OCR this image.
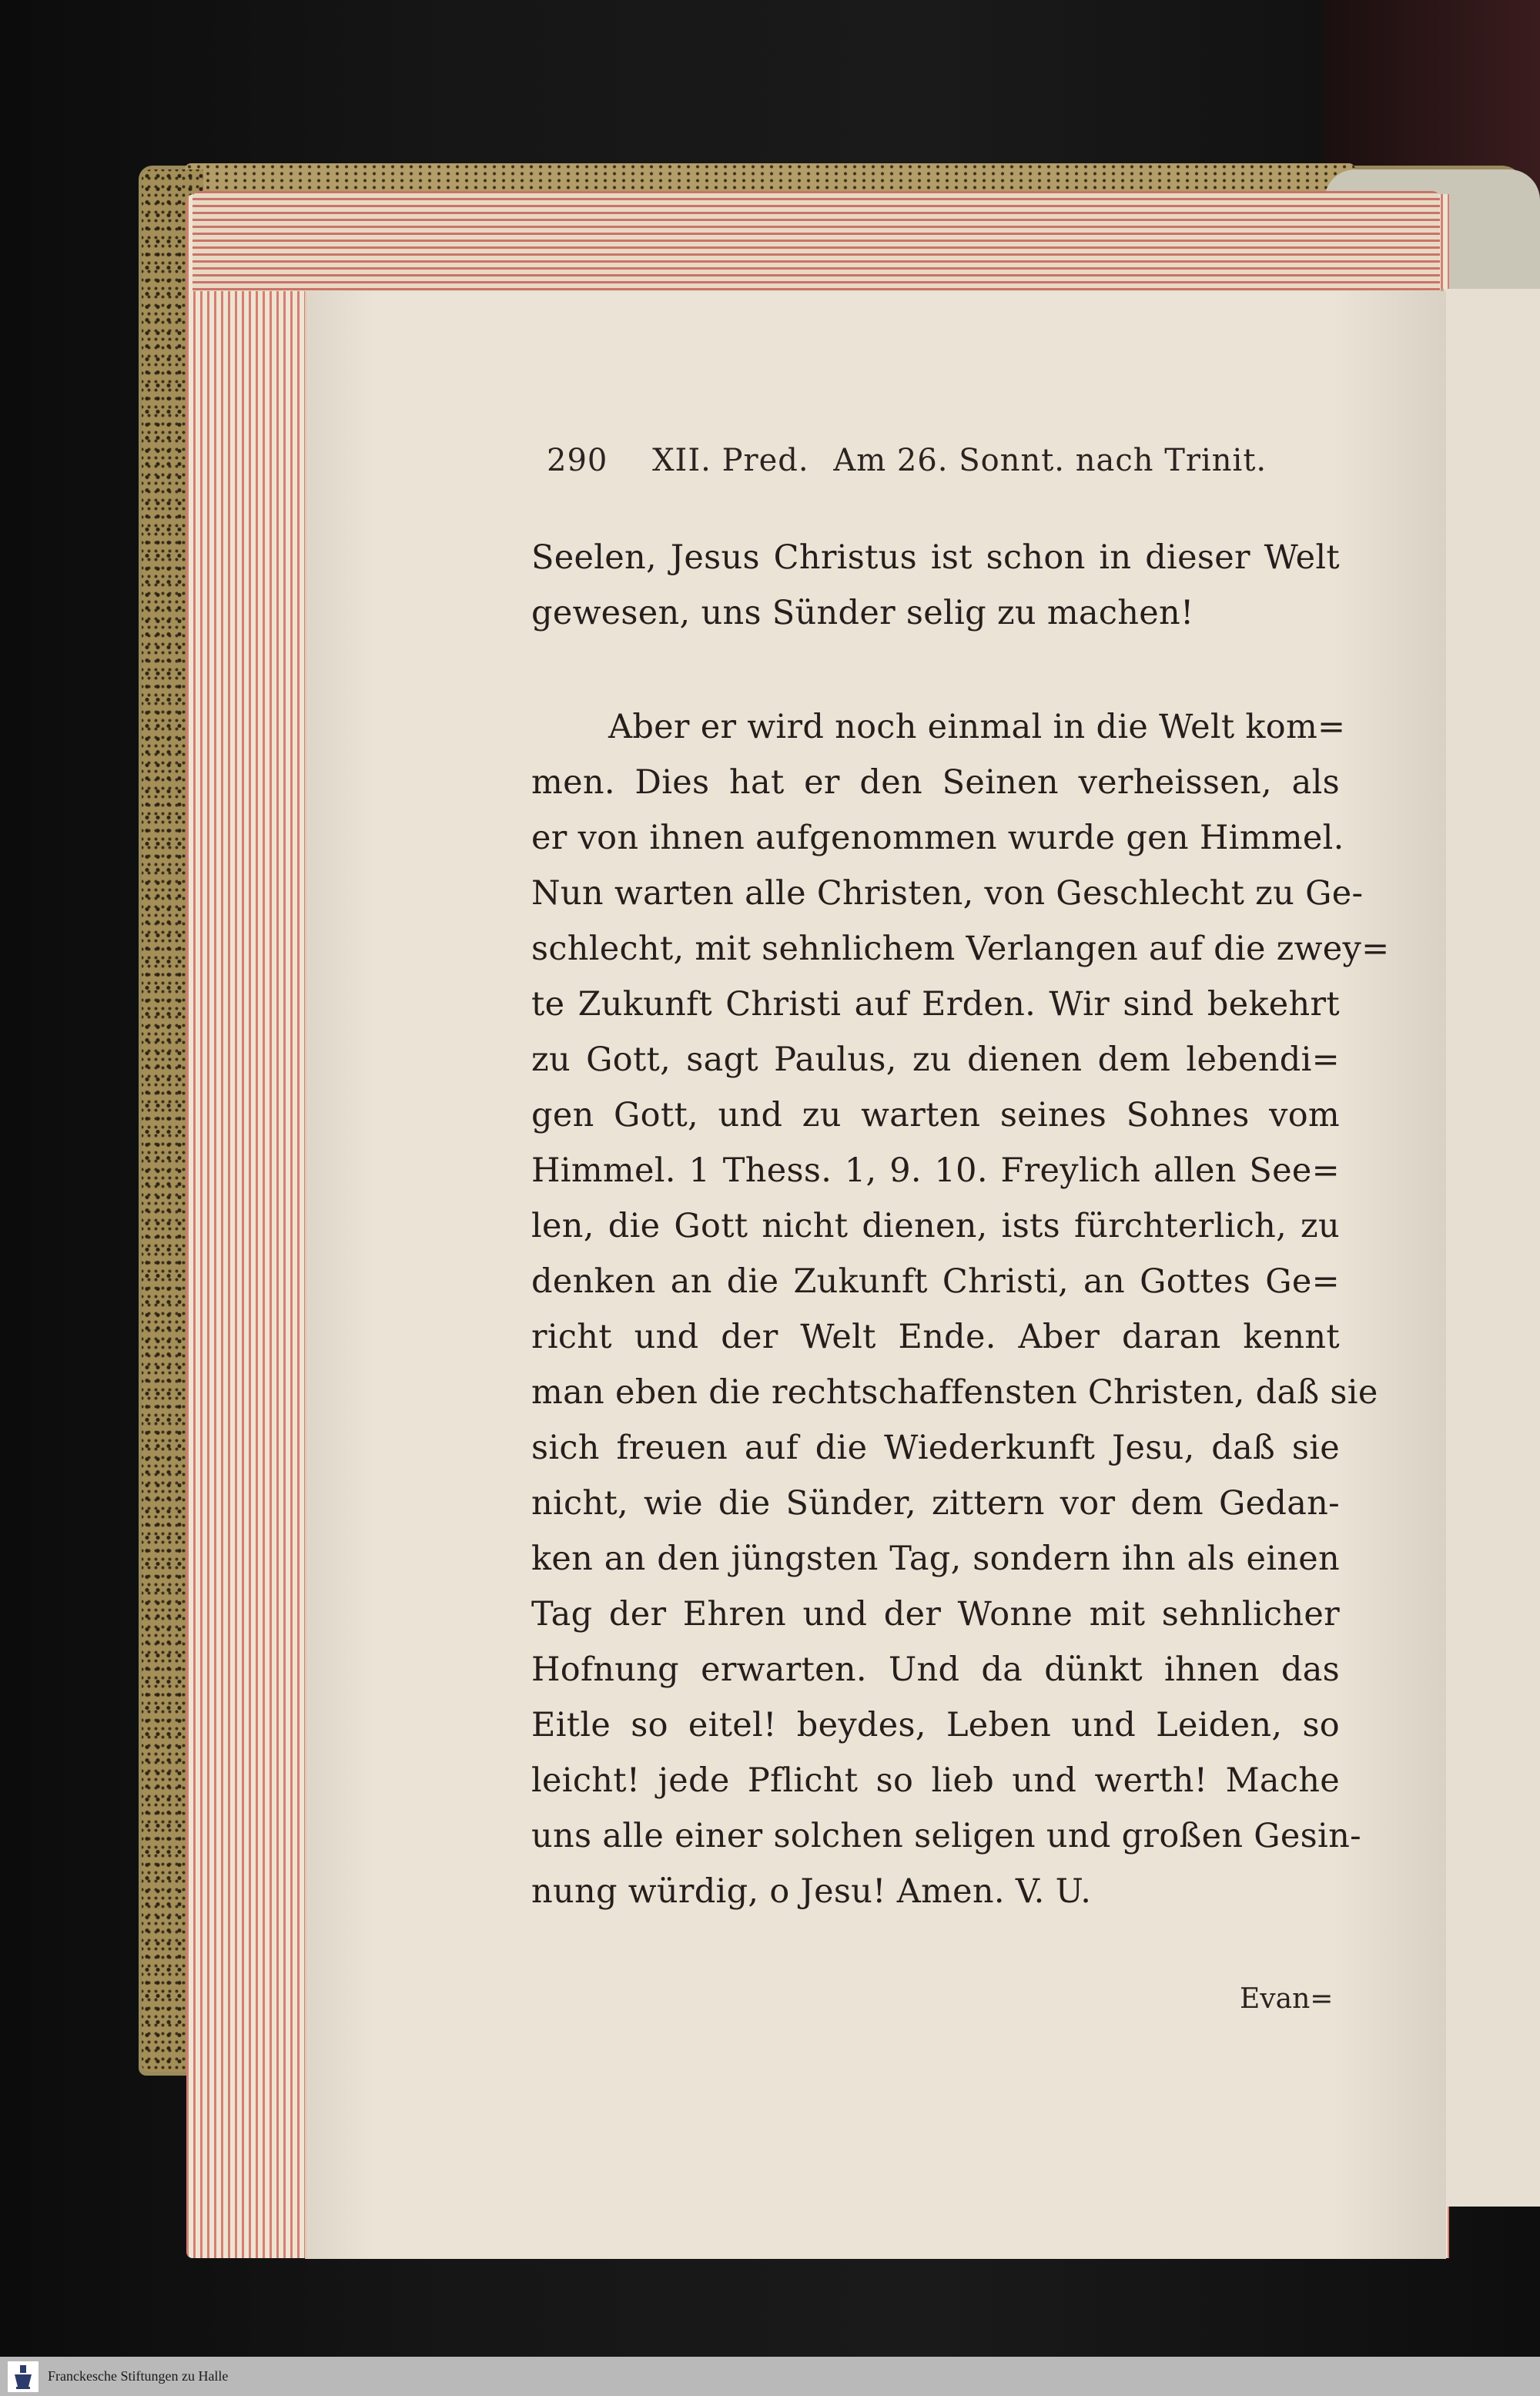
290 XII. Pred. Am 26. Sonnt. nach Trinit.
Seelen, Jesus Christus ist schon in dieser Welt
gewesen, uns Sünder selig zu machen!
Aber er wird noch einmal in die Welt kom=
men. Dies hat er den Seinen verheissen, als
er von ihnen aufgenommen wurde gen Himmel.
Nun warten alle Christen, von Geschlecht zu Ge-
schlecht, mit sehnlichem Verlangen auf die zwey=
te Zukunft Christi auf Erden. Wir sind bekehrt
zu Gott, sagt Paulus, zu dienen dem lebendi=
gen Gott, und zu warten seines Sohnes vom
Himmel. 1 Thess. 1, 9. 10. Freylich allen See=
len, die Gott nicht dienen, ists fürchterlich, zu
denken an die Zukunft Christi, an Gottes Ge=
richt und der Welt Ende. Aber daran kennt
man eben die rechtschaffensten Christen, daß sie
sich freuen auf die Wiederkunft Jesu, daß sie
nicht, wie die Sünder, zittern vor dem Gedan-
ken an den jüngsten Tag, sondern ihn als einen
Tag der Ehren und der Wonne mit sehnlicher
Hofnung erwarten. Und da dünkt ihnen das
Eitle so eitel! beydes, Leben und Leiden, so
leicht! jede Pflicht so lieb und werth! Mache
uns alle einer solchen seligen und großen Gesin-
nung würdig, o Jesu! Amen. V. U.
Evan=
Franckesche Stiftungen zu Halle
